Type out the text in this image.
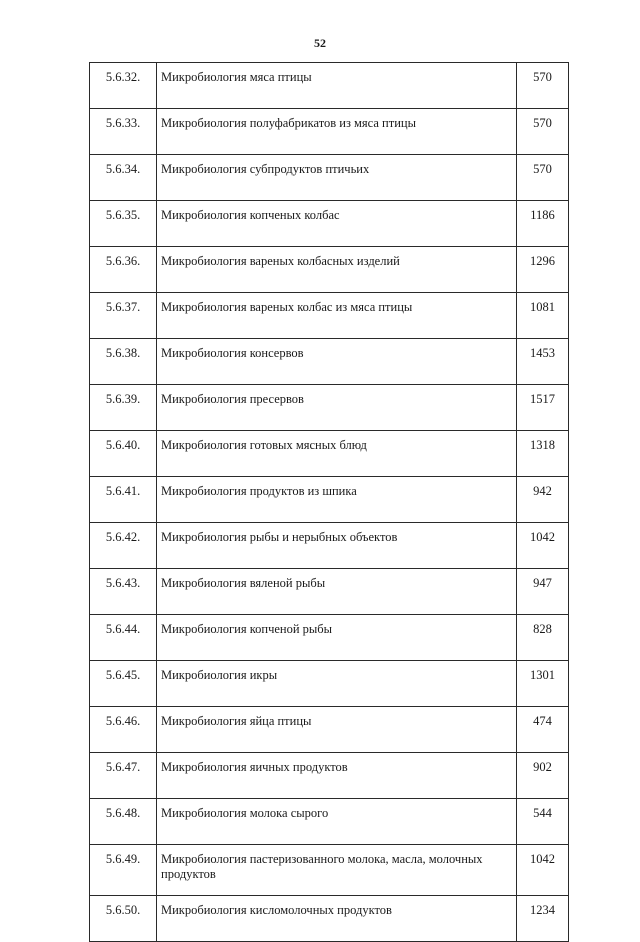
52
5.6.32.	Микробиология мяса птицы	570
5.6.33.	Микробиология полуфабрикатов из мяса птицы	570
5.6.34.	Микробиология субпродуктов птичьих	570
5.6.35.	Микробиология копченых колбас	1186
5.6.36.	Микробиология вареных колбасных изделий	1296
5.6.37.	Микробиология вареных колбас из мяса птицы	1081
5.6.38.	Микробиология консервов	1453
5.6.39.	Микробиология пресервов	1517
5.6.40.	Микробиология готовых мясных блюд	1318
5.6.41.	Микробиология продуктов из шпика	942
5.6.42.	Микробиология рыбы и нерыбных объектов	1042
5.6.43.	Микробиология вяленой рыбы	947
5.6.44.	Микробиология копченой рыбы	828
5.6.45.	Микробиология икры	1301
5.6.46.	Микробиология яйца птицы	474
5.6.47.	Микробиология яичных продуктов	902
5.6.48.	Микробиология молока сырого	544
5.6.49.	Микробиология пастеризованного молока, масла, молочных продуктов	1042
5.6.50.	Микробиология кисломолочных продуктов	1234
